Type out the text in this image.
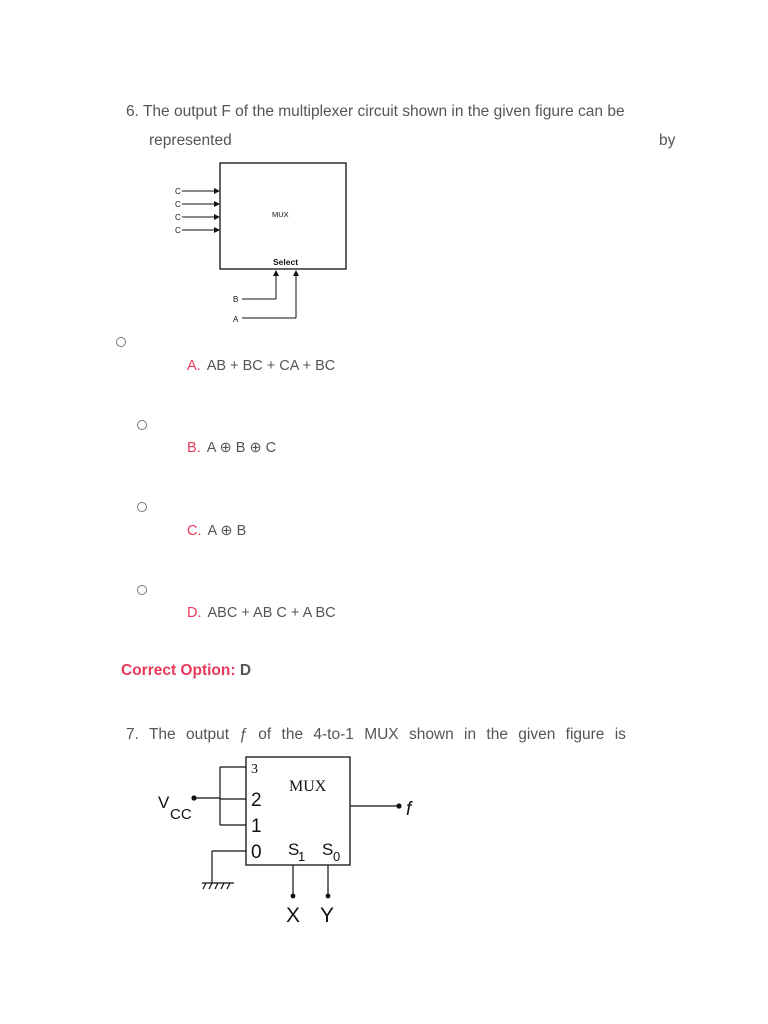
6. The output F of the multiplexer circuit shown in the given figure can be
represented	by
C
C
C
C
MUX
Select
B
A
A. AB + BC + CA + BC
B. A ⊕ B ⊕ C
C. A ⊕ B
D. ABC + AB C + A BC
Correct Option: D
7. The output ƒ of the 4-to-1 MUX shown in the given figure is
3
2
1
0
MUX
S
1 S 0
V
CC	f
X Y
